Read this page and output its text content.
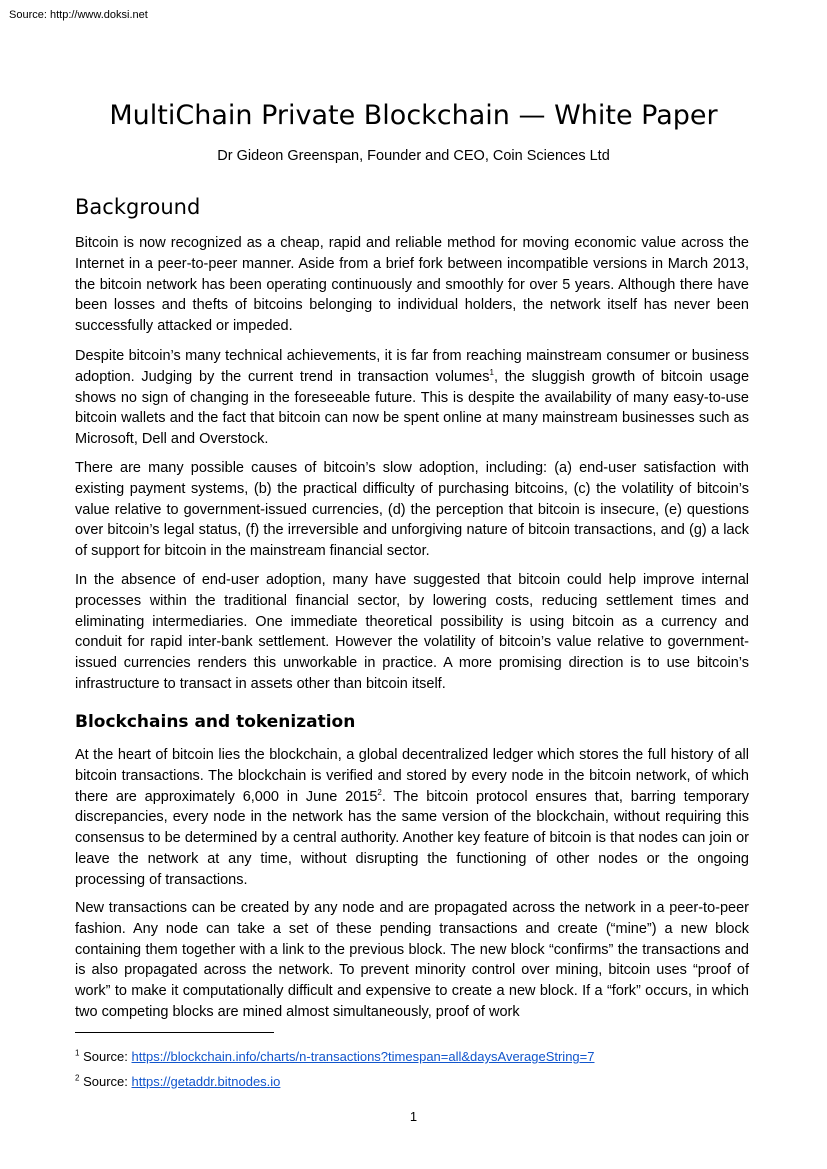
Source: http://www.doksi.net
MultiChain Private Blockchain — White Paper
Dr Gideon Greenspan, Founder and CEO, Coin Sciences Ltd
Background

Bitcoin is now recognized as a cheap, rapid and reliable method for moving economic value across the Internet in a peer-to-peer manner. Aside from a brief fork between incompatible versions in March 2013, the bitcoin network has been operating continuously and smoothly for over 5 years. Although there have been losses and thefts of bitcoins belonging to individual holders, the network itself has never been successfully attacked or impeded.

Despite bitcoin’s many technical achievements, it is far from reaching mainstream consumer or business adoption. Judging by the current trend in transaction volumes$^1$, the sluggish growth of bitcoin usage shows no sign of changing in the foreseeable future. This is despite the availability of many easy-to-use bitcoin wallets and the fact that bitcoin can now be spent online at many mainstream businesses such as Microsoft, Dell and Overstock.

There are many possible causes of bitcoin’s slow adoption, including: (a) end-user satisfaction with existing payment systems, (b) the practical difficulty of purchasing bitcoins, (c) the volatility of bitcoin’s value relative to government-issued currencies, (d) the perception that bitcoin is insecure, (e) questions over bitcoin’s legal status, (f) the irreversible and unforgiving nature of bitcoin transactions, and (g) a lack of support for bitcoin in the mainstream financial sector.

In the absence of end-user adoption, many have suggested that bitcoin could help improve internal processes within the traditional financial sector, by lowering costs, reducing settlement times and eliminating intermediaries. One immediate theoretical possibility is using bitcoin as a currency and conduit for rapid inter-bank settlement. However the volatility of bitcoin’s value relative to government-issued currencies renders this unworkable in practice. A more promising direction is to use bitcoin’s infrastructure to transact in assets other than bitcoin itself.

Blockchains and tokenization

At the heart of bitcoin lies the blockchain, a global decentralized ledger which stores the full history of all bitcoin transactions. The blockchain is verified and stored by every node in the bitcoin network, of which there are approximately 6,000 in June 2015$^2$. The bitcoin protocol ensures that, barring temporary discrepancies, every node in the network has the same version of the blockchain, without requiring this consensus to be determined by a central authority. Another key feature of bitcoin is that nodes can join or leave the network at any time, without disrupting the functioning of other nodes or the ongoing processing of transactions.

New transactions can be created by any node and are propagated across the network in a peer-to-peer fashion. Any node can take a set of these pending transactions and create (“mine”) a new block containing them together with a link to the previous block. The new block “confirms” the transactions and is also propagated across the network. To prevent minority control over mining, bitcoin uses “proof of work” to make it computationally difficult and expensive to create a new block. If a “fork” occurs, in which two competing blocks are mined almost simultaneously, proof of work

$^1$ Source: https://blockchain.info/charts/n-transactions?timespan=all&daysAverageString=7
$^2$ Source: https://getaddr.bitnodes.io
1
